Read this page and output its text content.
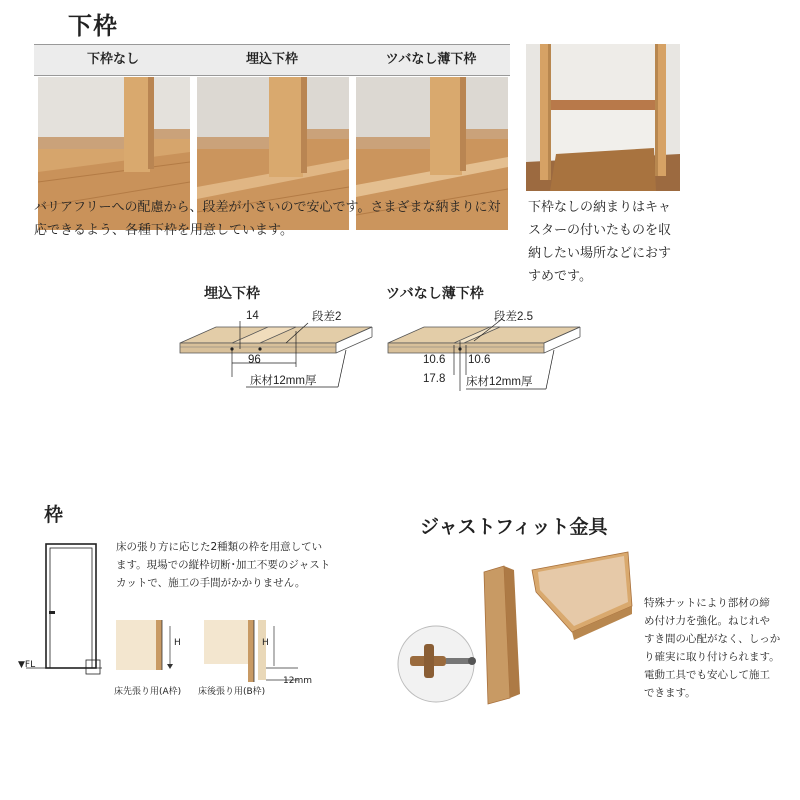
下枠
下枠なし	埋込下枠	ツバなし薄下枠
バリアフリーへの配慮から、段差が小さいので安心です。さまざまな納まりに対
応できるよう、各種下枠を用意しています。
下枠なしの納まりはキャ
スターの付いたものを収
納したい場所などにおす
すめです。
埋込下枠	ツバなし薄下枠
14	段差2
96
床材12mm厚
段差2.5
10.6 10.6
17.8 床材12mm厚
枠
▼FL
床の張り方に応じた2種類の枠を用意してい
ます。現場での縦枠切断･加工不要のジャスト
カットで、施工の手間がかかりません。
H	H
12mm
床先張り用(A枠) 床後張り用(B枠)
ジャストフィット金具
特殊ナットにより部材の締
め付け力を強化。ねじれや
すき間の心配がなく、しっか
り確実に取り付けられます。
電動工具でも安心して施工
できます。
